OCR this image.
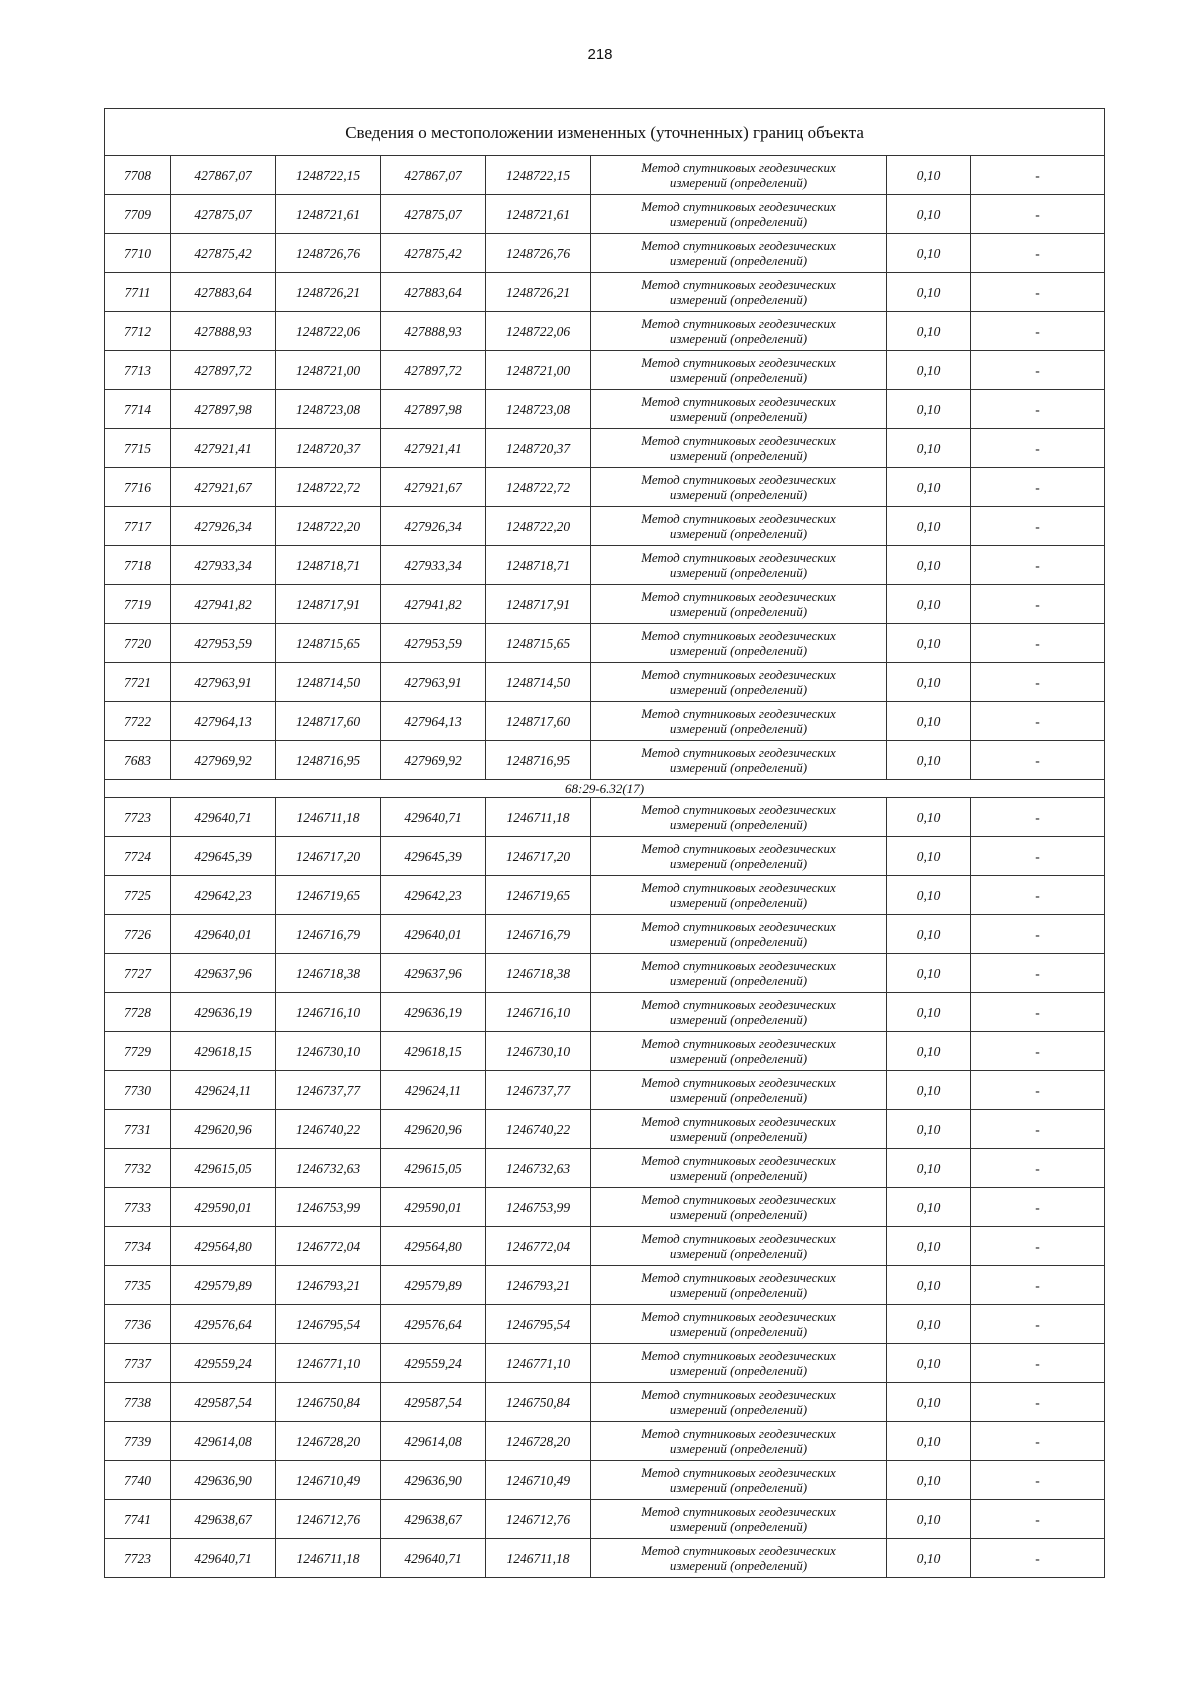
218
Сведения о местоположении измененных (уточненных) границ объекта							
7708	427867,07	1248722,15	427867,07	1248722,15	Метод спутниковых геодезических
измерений (определений)	0,10	-
7709	427875,07	1248721,61	427875,07	1248721,61	Метод спутниковых геодезических
измерений (определений)	0,10	-
7710	427875,42	1248726,76	427875,42	1248726,76	Метод спутниковых геодезических
измерений (определений)	0,10	-
7711	427883,64	1248726,21	427883,64	1248726,21	Метод спутниковых геодезических
измерений (определений)	0,10	-
7712	427888,93	1248722,06	427888,93	1248722,06	Метод спутниковых геодезических
измерений (определений)	0,10	-
7713	427897,72	1248721,00	427897,72	1248721,00	Метод спутниковых геодезических
измерений (определений)	0,10	-
7714	427897,98	1248723,08	427897,98	1248723,08	Метод спутниковых геодезических
измерений (определений)	0,10	-
7715	427921,41	1248720,37	427921,41	1248720,37	Метод спутниковых геодезических
измерений (определений)	0,10	-
7716	427921,67	1248722,72	427921,67	1248722,72	Метод спутниковых геодезических
измерений (определений)	0,10	-
7717	427926,34	1248722,20	427926,34	1248722,20	Метод спутниковых геодезических
измерений (определений)	0,10	-
7718	427933,34	1248718,71	427933,34	1248718,71	Метод спутниковых геодезических
измерений (определений)	0,10	-
7719	427941,82	1248717,91	427941,82	1248717,91	Метод спутниковых геодезических
измерений (определений)	0,10	-
7720	427953,59	1248715,65	427953,59	1248715,65	Метод спутниковых геодезических
измерений (определений)	0,10	-
7721	427963,91	1248714,50	427963,91	1248714,50	Метод спутниковых геодезических
измерений (определений)	0,10	-
7722	427964,13	1248717,60	427964,13	1248717,60	Метод спутниковых геодезических
измерений (определений)	0,10	-
7683	427969,92	1248716,95	427969,92	1248716,95	Метод спутниковых геодезических
измерений (определений)	0,10	-
68:29-6.32(17)							
7723	429640,71	1246711,18	429640,71	1246711,18	Метод спутниковых геодезических
измерений (определений)	0,10	-
7724	429645,39	1246717,20	429645,39	1246717,20	Метод спутниковых геодезических
измерений (определений)	0,10	-
7725	429642,23	1246719,65	429642,23	1246719,65	Метод спутниковых геодезических
измерений (определений)	0,10	-
7726	429640,01	1246716,79	429640,01	1246716,79	Метод спутниковых геодезических
измерений (определений)	0,10	-
7727	429637,96	1246718,38	429637,96	1246718,38	Метод спутниковых геодезических
измерений (определений)	0,10	-
7728	429636,19	1246716,10	429636,19	1246716,10	Метод спутниковых геодезических
измерений (определений)	0,10	-
7729	429618,15	1246730,10	429618,15	1246730,10	Метод спутниковых геодезических
измерений (определений)	0,10	-
7730	429624,11	1246737,77	429624,11	1246737,77	Метод спутниковых геодезических
измерений (определений)	0,10	-
7731	429620,96	1246740,22	429620,96	1246740,22	Метод спутниковых геодезических
измерений (определений)	0,10	-
7732	429615,05	1246732,63	429615,05	1246732,63	Метод спутниковых геодезических
измерений (определений)	0,10	-
7733	429590,01	1246753,99	429590,01	1246753,99	Метод спутниковых геодезических
измерений (определений)	0,10	-
7734	429564,80	1246772,04	429564,80	1246772,04	Метод спутниковых геодезических
измерений (определений)	0,10	-
7735	429579,89	1246793,21	429579,89	1246793,21	Метод спутниковых геодезических
измерений (определений)	0,10	-
7736	429576,64	1246795,54	429576,64	1246795,54	Метод спутниковых геодезических
измерений (определений)	0,10	-
7737	429559,24	1246771,10	429559,24	1246771,10	Метод спутниковых геодезических
измерений (определений)	0,10	-
7738	429587,54	1246750,84	429587,54	1246750,84	Метод спутниковых геодезических
измерений (определений)	0,10	-
7739	429614,08	1246728,20	429614,08	1246728,20	Метод спутниковых геодезических
измерений (определений)	0,10	-
7740	429636,90	1246710,49	429636,90	1246710,49	Метод спутниковых геодезических
измерений (определений)	0,10	-
7741	429638,67	1246712,76	429638,67	1246712,76	Метод спутниковых геодезических
измерений (определений)	0,10	-
7723	429640,71	1246711,18	429640,71	1246711,18	Метод спутниковых геодезических
измерений (определений)	0,10	-
